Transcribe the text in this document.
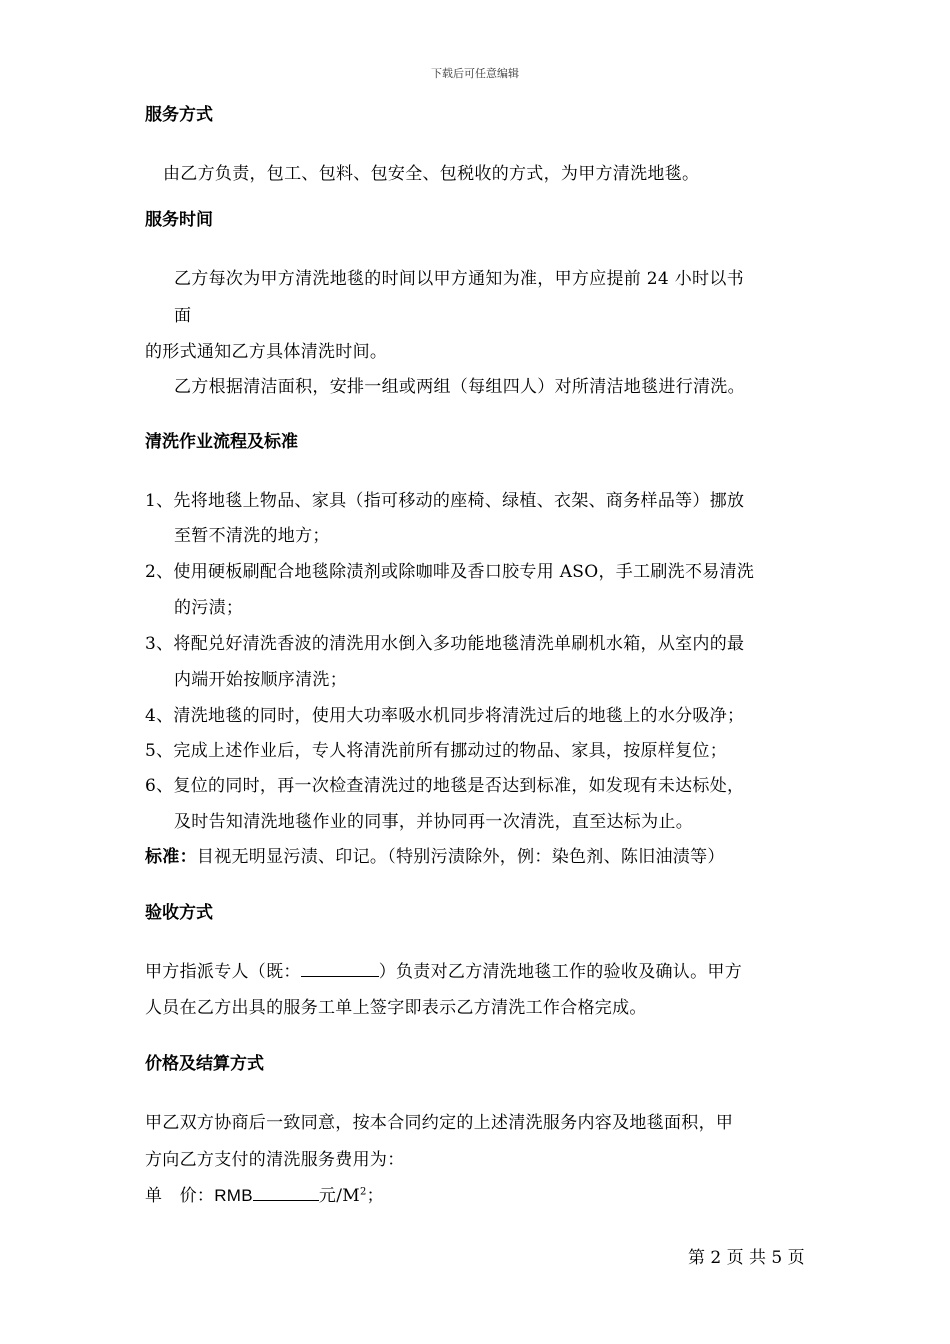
下载后可任意编辑
服务方式
由乙方负责，包工、包料、包安全、包税收的方式，为甲方清洗地毯。
服务时间
乙方每次为甲方清洗地毯的时间以甲方通知为准，甲方应提前 24 小时以书
面
的形式通知乙方具体清洗时间。
乙方根据清洁面积，安排一组或两组（每组四人）对所清洁地毯进行清洗。
清洗作业流程及标准
1、先将地毯上物品、家具（指可移动的座椅、绿植、衣架、商务样品等）挪放
至暂不清洗的地方；
2、使用硬板刷配合地毯除渍剂或除咖啡及香口胶专用 ASO，手工刷洗不易清洗
的污渍；
3、将配兑好清洗香波的清洗用水倒入多功能地毯清洗单刷机水箱，从室内的最
内端开始按顺序清洗；
4、清洗地毯的同时，使用大功率吸水机同步将清洗过后的地毯上的水分吸净；
5、完成上述作业后，专人将清洗前所有挪动过的物品、家具，按原样复位；
6、复位的同时，再一次检查清洗过的地毯是否达到标准，如发现有未达标处，
及时告知清洗地毯作业的同事，并协同再一次清洗，直至达标为止。
标准：目视无明显污渍、印记。（特别污渍除外，例：染色剂、陈旧油渍等）
验收方式
甲方指派专人（既：	）负责对乙方清洗地毯工作的验收及确认。甲方
人员在乙方出具的服务工单上签字即表示乙方清洗工作合格完成。
价格及结算方式
甲乙双方协商后一致同意，按本合同约定的上述清洗服务内容及地毯面积，甲
方向乙方支付的清洗服务费用为：
单　价：RMB	元$/M^2$；
第 2 页 共 5 页
